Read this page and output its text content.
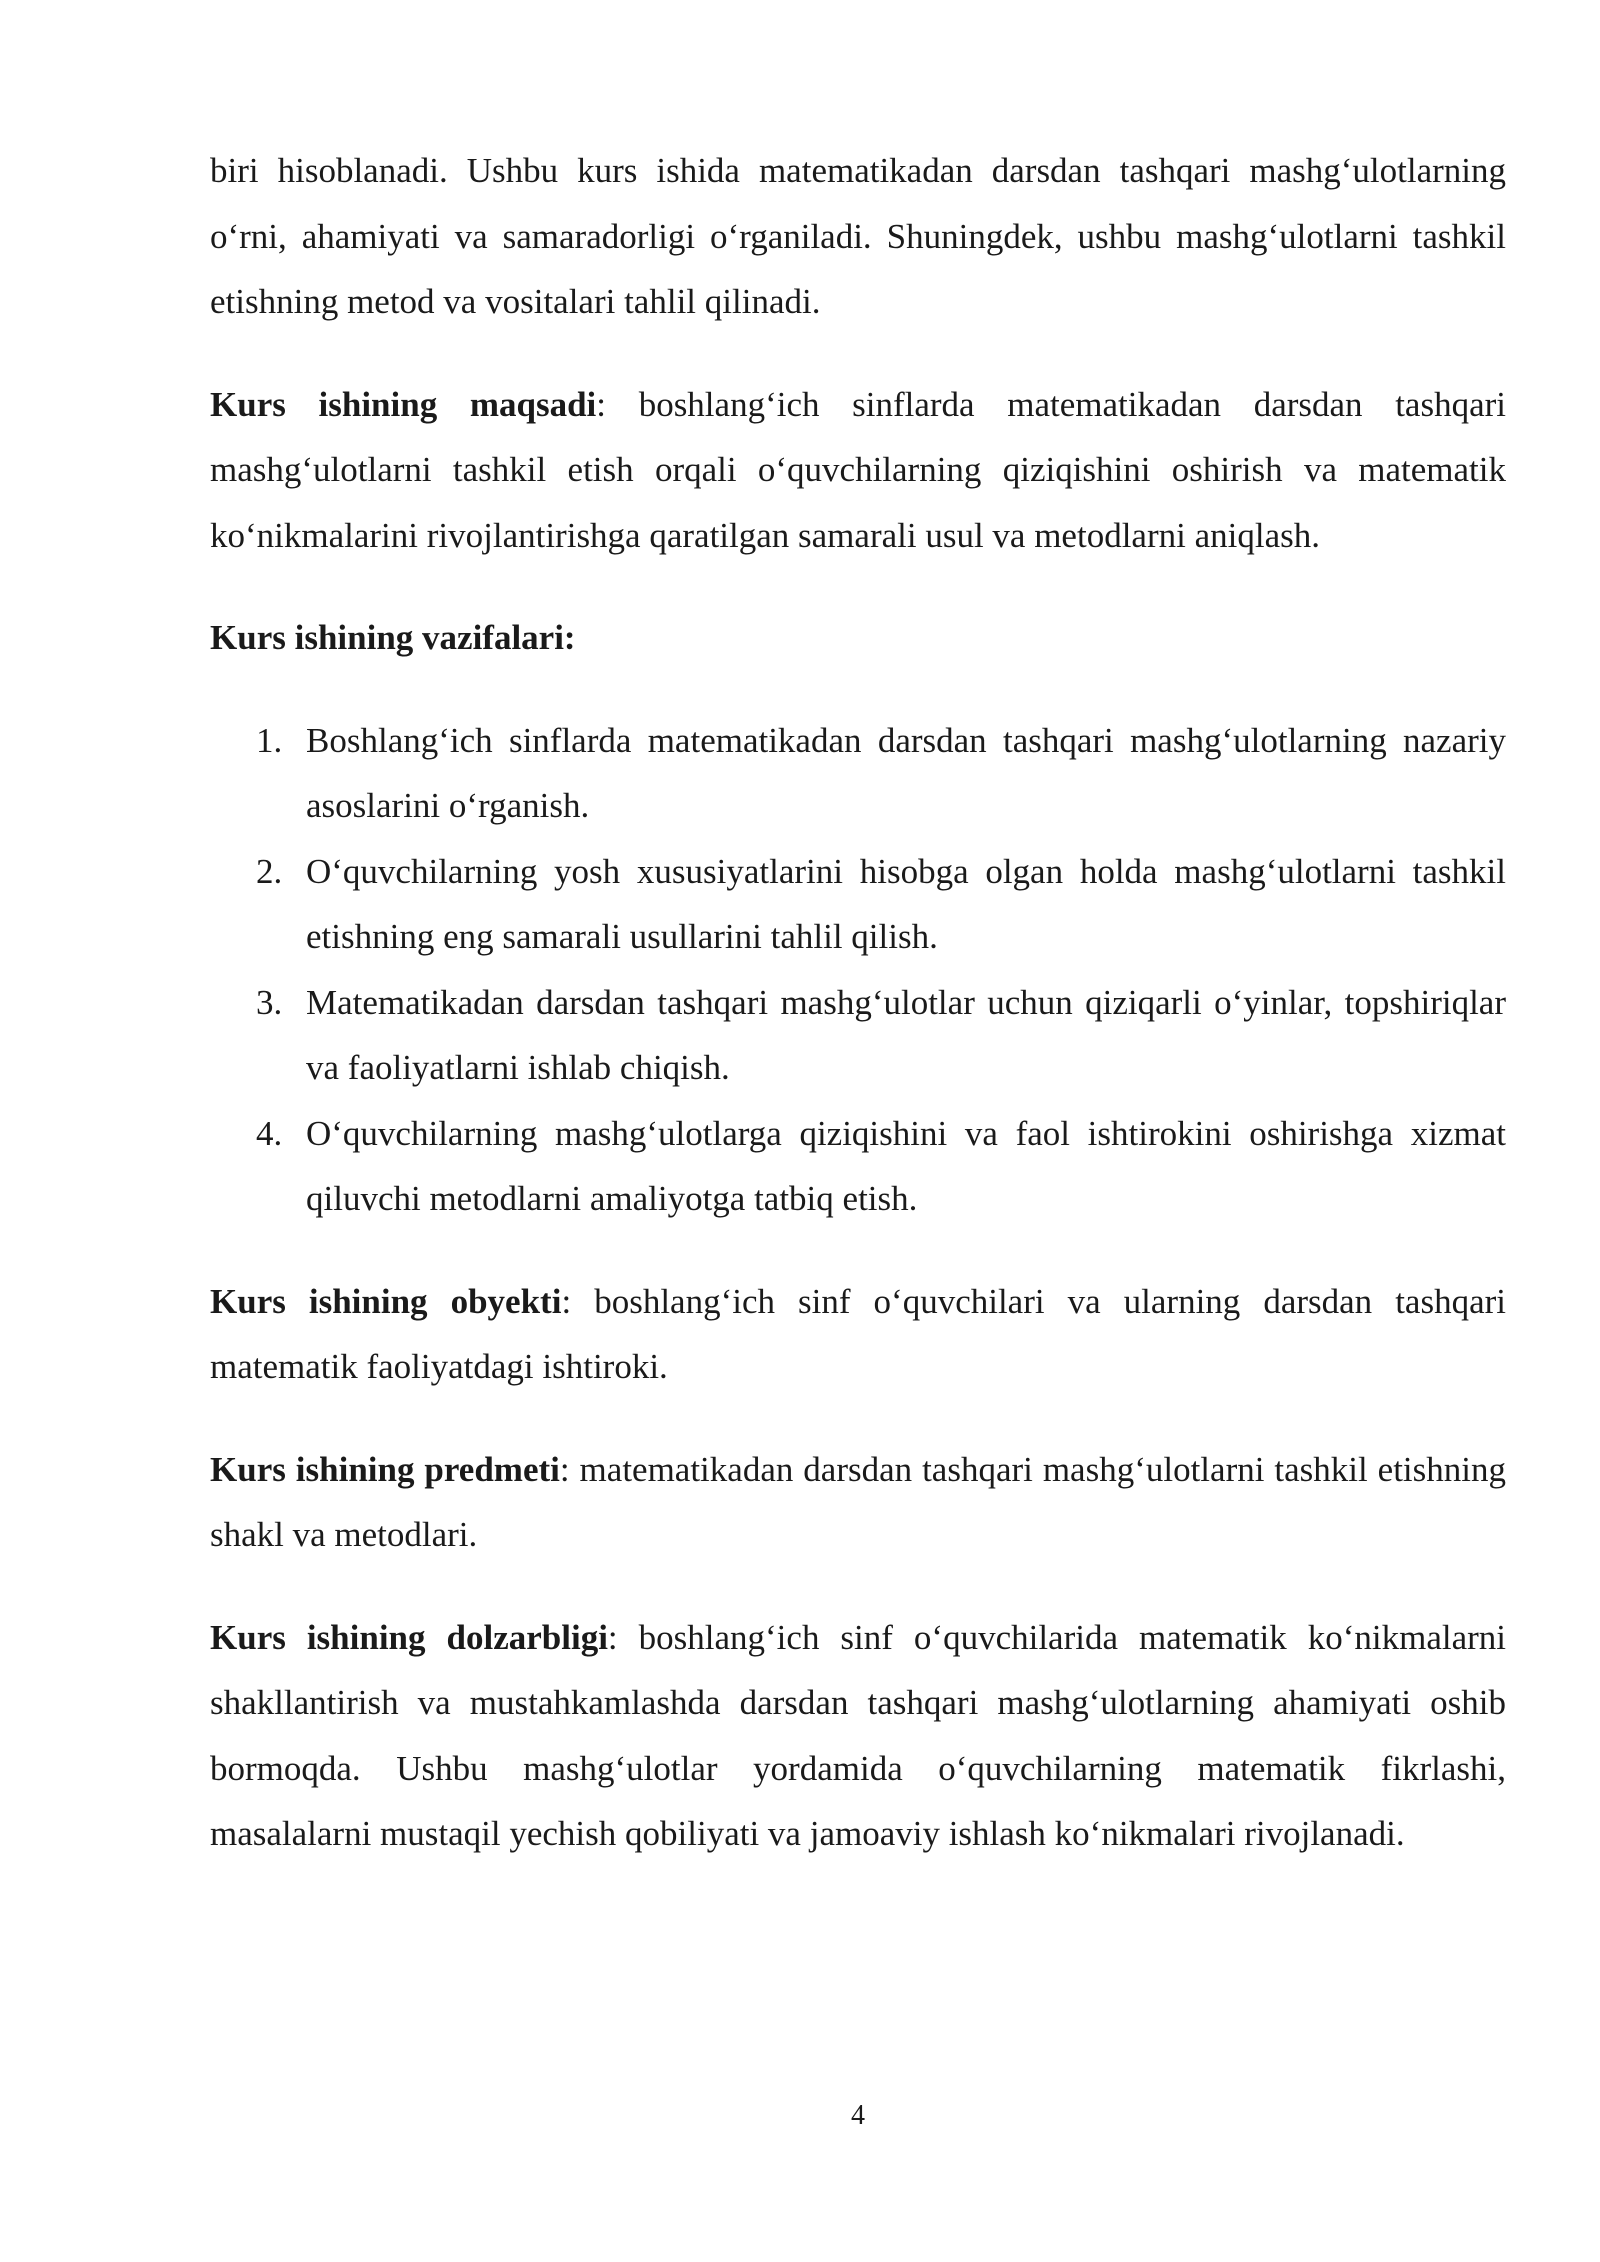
biri hisoblanadi. Ushbu kurs ishida matematikadan darsdan tashqari mashg‘ulotlarning o‘rni, ahamiyati va samaradorligi o‘rganiladi. Shuningdek, ushbu mashg‘ulotlarni tashkil etishning metod va vositalari tahlil qilinadi.

Kurs ishining maqsadi: boshlang‘ich sinflarda matematikadan darsdan tashqari mashg‘ulotlarni tashkil etish orqali o‘quvchilarning qiziqishini oshirish va matematik ko‘nikmalarini rivojlantirishga qaratilgan samarali usul va metodlarni aniqlash.

Kurs ishining vazifalari:

1. Boshlang‘ich sinflarda matematikadan darsdan tashqari mashg‘ulotlarning nazariy asoslarini o‘rganish.
2. O‘quvchilarning yosh xususiyatlarini hisobga olgan holda mashg‘ulotlarni tashkil etishning eng samarali usullarini tahlil qilish.
3. Matematikadan darsdan tashqari mashg‘ulotlar uchun qiziqarli o‘yinlar, topshiriqlar va faoliyatlarni ishlab chiqish.
4. O‘quvchilarning mashg‘ulotlarga qiziqishini va faol ishtirokini oshirishga xizmat qiluvchi metodlarni amaliyotga tatbiq etish.

Kurs ishining obyekti: boshlang‘ich sinf o‘quvchilari va ularning darsdan tashqari matematik faoliyatdagi ishtiroki.

Kurs ishining predmeti: matematikadan darsdan tashqari mashg‘ulotlarni tashkil etishning shakl va metodlari.

Kurs ishining dolzarbligi: boshlang‘ich sinf o‘quvchilarida matematik ko‘nikmalarni shakllantirish va mustahkamlashda darsdan tashqari mashg‘ulotlarning ahamiyati oshib bormoqda. Ushbu mashg‘ulotlar yordamida o‘quvchilarning matematik fikrlashi, masalalarni mustaqil yechish qobiliyati va jamoaviy ishlash ko‘nikmalari rivojlanadi.

4
